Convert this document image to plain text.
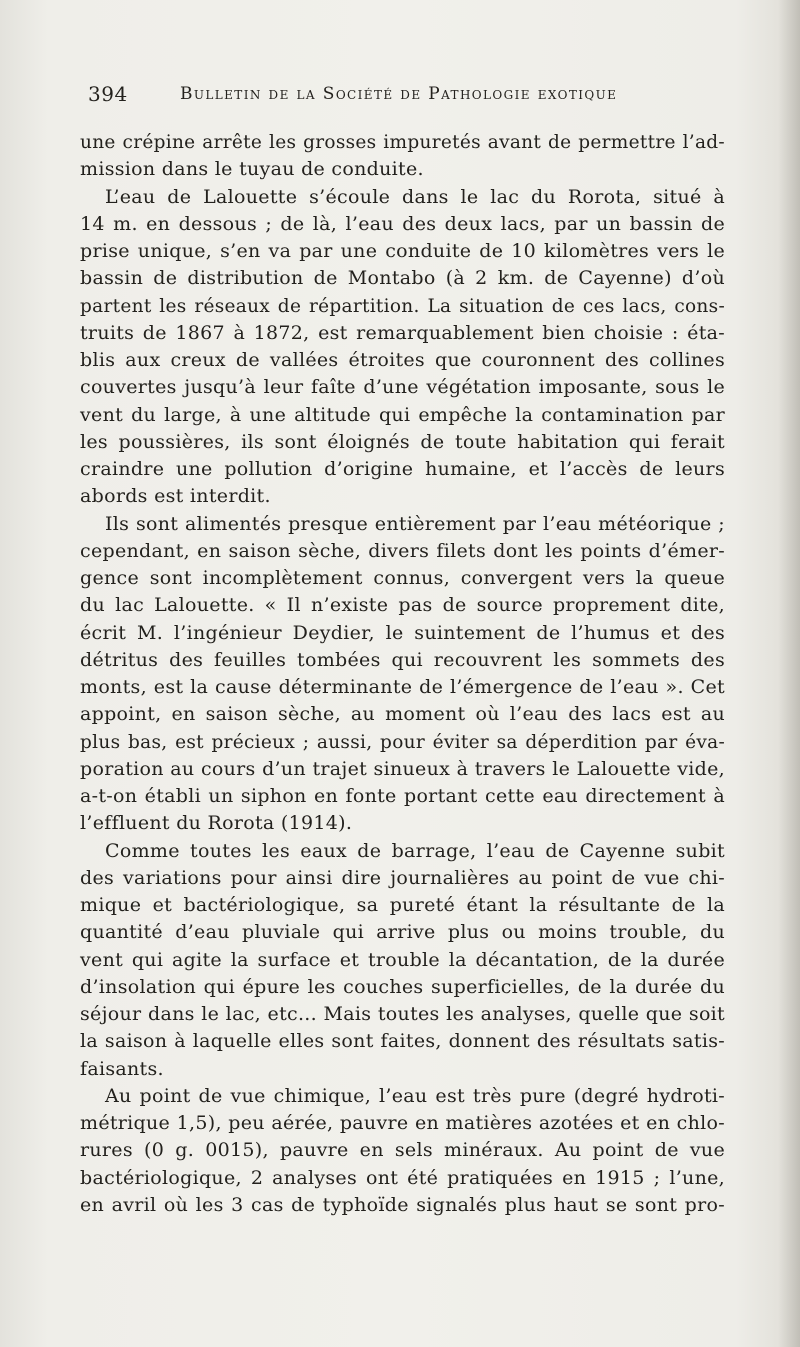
394	Bulletin de la Société de Pathologie exotique
une crépine arrête les grosses impuretés avant de permettre l’ad-
mission dans le tuyau de conduite.
L’eau de Lalouette s’écoule dans le lac du Rorota, situé à
14 m. en dessous ; de là, l’eau des deux lacs, par un bassin de
prise unique, s’en va par une conduite de 10 kilomètres vers le
bassin de distribution de Montabo (à 2 km. de Cayenne) d’où
partent les réseaux de répartition. La situation de ces lacs, cons-
truits de 1867 à 1872, est remarquablement bien choisie : éta-
blis aux creux de vallées étroites que couronnent des collines
couvertes jusqu’à leur faîte d’une végétation imposante, sous le
vent du large, à une altitude qui empêche la contamination par
les poussières, ils sont éloignés de toute habitation qui ferait
craindre une pollution d’origine humaine, et l’accès de leurs
abords est interdit.
Ils sont alimentés presque entièrement par l’eau météorique ;
cependant, en saison sèche, divers filets dont les points d’émer-
gence sont incomplètement connus, convergent vers la queue
du lac Lalouette. « Il n’existe pas de source proprement dite,
écrit M. l’ingénieur Deydier, le suintement de l’humus et des
détritus des feuilles tombées qui recouvrent les sommets des
monts, est la cause déterminante de l’émergence de l’eau ». Cet
appoint, en saison sèche, au moment où l’eau des lacs est au
plus bas, est précieux ; aussi, pour éviter sa déperdition par éva-
poration au cours d’un trajet sinueux à travers le Lalouette vide,
a-t-on établi un siphon en fonte portant cette eau directement à
l’effluent du Rorota (1914).
Comme toutes les eaux de barrage, l’eau de Cayenne subit
des variations pour ainsi dire journalières au point de vue chi-
mique et bactériologique, sa pureté étant la résultante de la
quantité d’eau pluviale qui arrive plus ou moins trouble, du
vent qui agite la surface et trouble la décantation, de la durée
d’insolation qui épure les couches superficielles, de la durée du
séjour dans le lac, etc... Mais toutes les analyses, quelle que soit
la saison à laquelle elles sont faites, donnent des résultats satis-
faisants.
Au point de vue chimique, l’eau est très pure (degré hydroti-
métrique 1,5), peu aérée, pauvre en matières azotées et en chlo-
rures (0 g. 0015), pauvre en sels minéraux. Au point de vue
bactériologique, 2 analyses ont été pratiquées en 1915 ; l’une,
en avril où les 3 cas de typhoïde signalés plus haut se sont pro-
